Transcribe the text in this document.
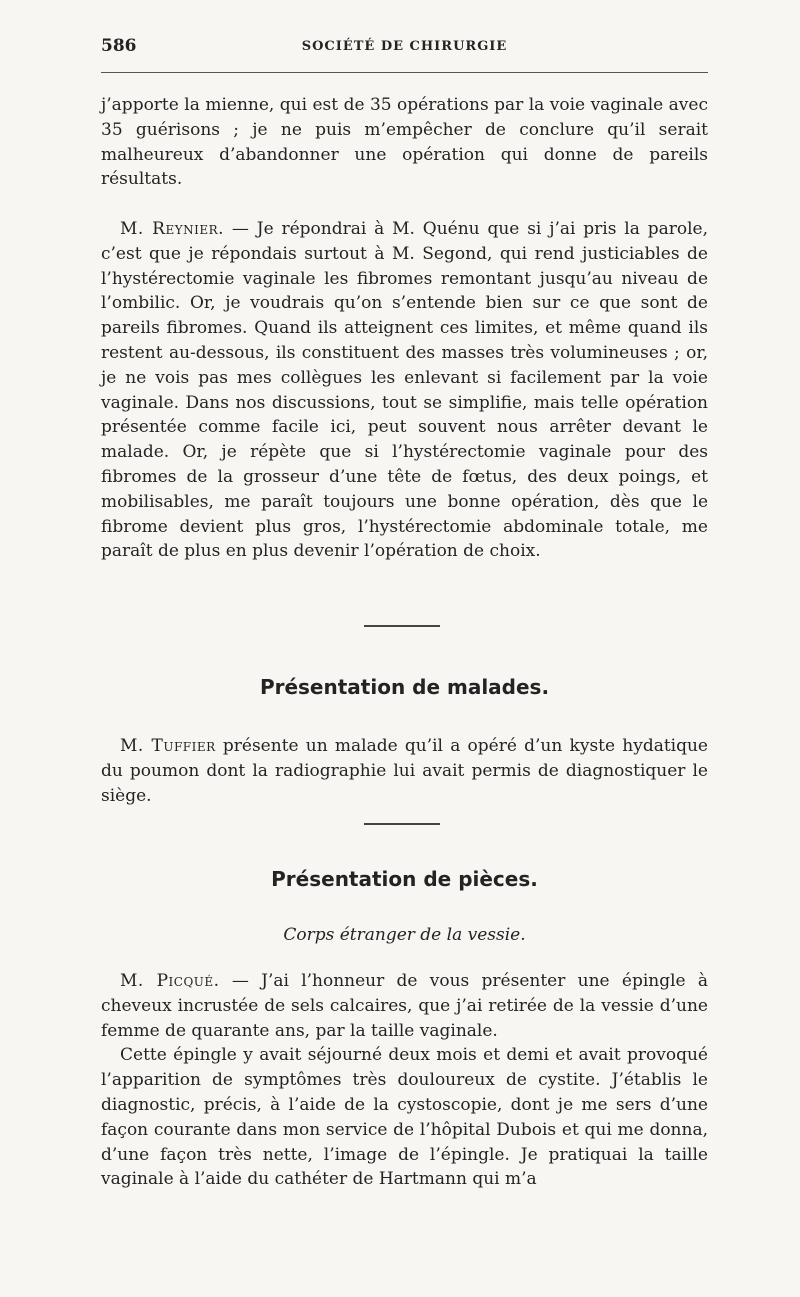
586	SOCIÉTÉ DE CHIRURGIE

j’apporte la mienne, qui est de 35 opérations par la voie vaginale avec 35 guérisons ; je ne puis m’empêcher de conclure qu’il serait malheureux d’abandonner une opération qui donne de pareils résultats.

M. Reynier. — Je répondrai à M. Quénu que si j’ai pris la parole, c’est que je répondais surtout à M. Segond, qui rend justiciables de l’hystérectomie vaginale les fibromes remontant jusqu’au niveau de l’ombilic. Or, je voudrais qu’on s’entende bien sur ce que sont de pareils fibromes. Quand ils atteignent ces limites, et même quand ils restent au-dessous, ils constituent des masses très volumineuses ; or, je ne vois pas mes collègues les enlevant si facilement par la voie vaginale. Dans nos discussions, tout se simplifie, mais telle opération présentée comme facile ici, peut souvent nous arrêter devant le malade. Or, je répète que si l’hystérectomie vaginale pour des fibromes de la grosseur d’une tête de fœtus, des deux poings, et mobilisables, me paraît toujours une bonne opération, dès que le fibrome devient plus gros, l’hystérectomie abdominale totale, me paraît de plus en plus devenir l’opération de choix.

Présentation de malades.

M. Tuffier présente un malade qu’il a opéré d’un kyste hydatique du poumon dont la radiographie lui avait permis de diagnostiquer le siège.

Présentation de pièces.
Corps étranger de la vessie.

M. Picqué. — J’ai l’honneur de vous présenter une épingle à cheveux incrustée de sels calcaires, que j’ai retirée de la vessie d’une femme de quarante ans, par la taille vaginale.

Cette épingle y avait séjourné deux mois et demi et avait provoqué l’apparition de symptômes très douloureux de cystite. J’établis le diagnostic, précis, à l’aide de la cystoscopie, dont je me sers d’une façon courante dans mon service de l’hôpital Dubois et qui me donna, d’une façon très nette, l’image de l’épingle. Je pratiquai la taille vaginale à l’aide du cathéter de Hartmann qui m’a
